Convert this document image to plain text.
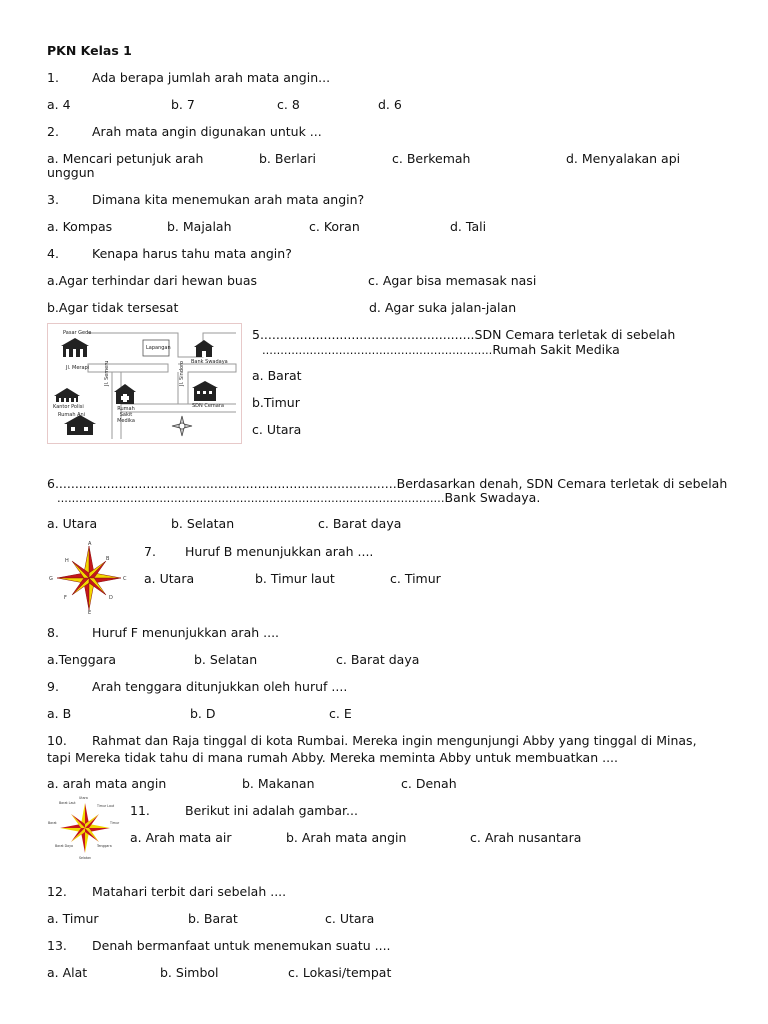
PKN Kelas 1
1.	Ada berapa jumlah arah mata angin...
a. 4	b. 7	c. 8	d. 6
2.	Arah mata angin digunakan untuk ...
a. Mencari petunjuk arah	b. Berlari	c. Berkemah	d. Menyalakan api
unggun
3.	Dimana kita menemukan arah mata angin?
a. Kompas	b. Majalah	c. Koran	d. Tali
4.	Kenapa harus tahu mata angin?
a.Agar terhindar dari hewan buas	c. Agar bisa memasak nasi
b.Agar tidak tersesat	d. Agar suka jalan-jalan
Pasar Gede
Lapangan
Bank Swadaya
Jl. Merapi	Jl. Semeru	Jl. Sindoro
Kantor Polisi	Rumah Sakit Medika
SDN Cemara
Rumah Ani
5......................................................SDN Cemara terletak di sebelah
...............................................................Rumah Sakit Medika
a. Barat
b.Timur
c. Utara
6......................................................................................Berdasarkan denah, SDN Cemara terletak di sebelah
..........................................................................................................Bank Swadaya.
a. Utara	b. Selatan	c. Barat daya
A
B
C
D
E
F
G
H
7. Huruf B menunjukkan arah ....
a. Utara	b. Timur laut	c. Timur
8.	Huruf F menunjukkan arah ....
a.Tenggara	b. Selatan	c. Barat daya
9.	Arah tenggara ditunjukkan oleh huruf ....
a. B	b. D	c. E
10. Rahmat dan Raja tinggal di kota Rumbai. Mereka ingin mengunjungi Abby yang tinggal di Minas,
tapi Mereka tidak tahu di mana rumah Abby. Mereka meminta Abby untuk membuatkan ....
a. arah mata angin	b. Makanan	c. Denah
Utara
Timur Laut
Timur
Tenggara
Selatan
Barat Daya
Barat
Barat Laut	11.	Berikut ini adalah gambar...
a. Arah mata air	b. Arah mata angin	c. Arah nusantara
12. Matahari terbit dari sebelah ....
a. Timur	b. Barat	c. Utara
13. Denah bermanfaat untuk menemukan suatu ....
a. Alat	b. Simbol	c. Lokasi/tempat
